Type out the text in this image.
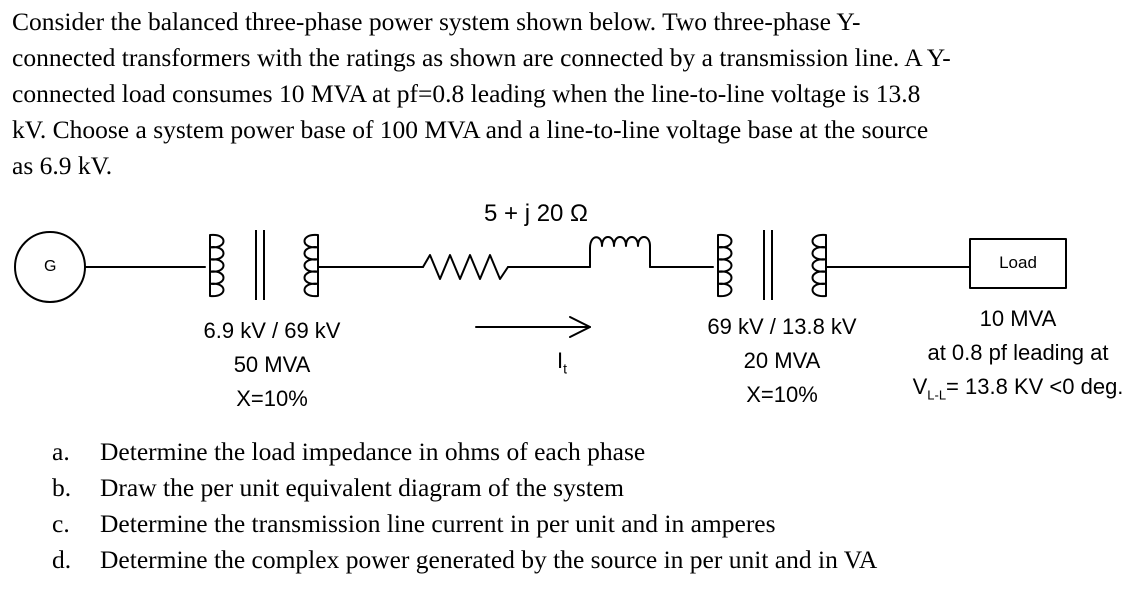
Consider the balanced three-phase power system shown below. Two three-phase Y-

connected transformers with the ratings as shown are connected by a transmission line. A Y-

connected load consumes 10 MVA at pf=0.8 leading when the line-to-line voltage is 13.8

kV. Choose a system power base of 100 MVA and a line-to-line voltage base at the source

as 6.9 kV.

G
5 + j 20 Ω
Load
6.9 kV / 69 kV
50 MVA
X=10%
$I_t$
69 kV / 13.8 kV
20 MVA
X=10%
10 MVA
at 0.8 pf leading at
$V_{L-L}= 13.8$ KV <0 deg.
a.	Determine the load impedance in ohms of each phase
b.	Draw the per unit equivalent diagram of the system
c.	Determine the transmission line current in per unit and in amperes
d.	Determine the complex power generated by the source in per unit and in VA
